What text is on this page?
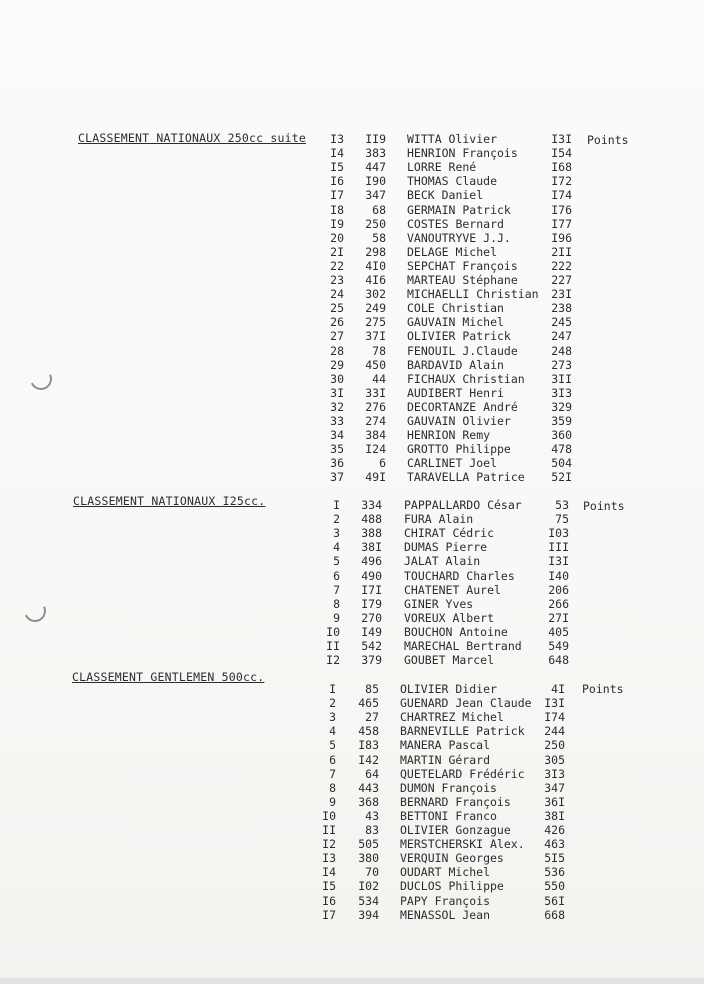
CLASSEMENT NATIONAUX 250cc suite	Points
CLASSEMENT NATIONAUX I25cc.	Points
CLASSEMENT GENTLEMEN 500cc.
Points
I3	II9 WITTA Olivier	I3I
I4	383 HENRION François	I54
I5	447 LORRE René	I68
I6	I90 THOMAS Claude	I72
I7	347 BECK Daniel	I74
I8	68 GERMAIN Patrick	I76
I9	250 COSTES Bernard	I77
20	58 VANOUTRYVE J.J.	I96
2I	298 DELAGE Michel	2II
22	4I0 SEPCHAT François	222
23	4I6 MARTEAU Stéphane	227
24	302 MICHAELLI Christian	23I
25	249 COLE Christian	238
26	275 GAUVAIN Michel	245
27	37I OLIVIER Patrick	247
28	78 FENOUIL J.Claude	248
29	450 BARDAVID Alain	273
30	44 FICHAUX Christian	3II
3I	33I AUDIBERT Henri	3I3
32	276 DECORTANZE André	329
33	274 GAUVAIN Olivier	359
34	384 HENRION Remy	360
35	I24 GROTTO Philippe	478
36	6 CARLINET Joel	504
37	49I TARAVELLA Patrice	52I
I	334 PAPPALLARDO César	53
2	488 FURA Alain	75
3	388 CHIRAT Cédric	I03
4	38I DUMAS Pierre	III
5	496 JALAT Alain	I3I
6	490 TOUCHARD Charles	I40
7	I7I CHATENET Aurel	206
8	I79 GINER Yves	266
9	270 VOREUX Albert	27I
I0	I49 BOUCHON Antoine	405
II	542 MARECHAL Bertrand	549
I2	379 GOUBET Marcel	648
I	85 OLIVIER Didier	4I
2	465 GUENARD Jean Claude	I3I
3	27 CHARTREZ Michel	I74
4	458 BARNEVILLE Patrick	244
5	I83 MANERA Pascal	250
6	I42 MARTIN Gérard	305
7	64 QUETELARD Frédéric	3I3
8	443 DUMON François	347
9	368 BERNARD François	36I
I0	43 BETTONI Franco	38I
II	83 OLIVIER Gonzague	426
I2	505 MERSTCHERSKI Alex.	463
I3	380 VERQUIN Georges	5I5
I4	70 OUDART Michel	536
I5	I02 DUCLOS Philippe	550
I6	534 PAPY François	56I
I7	394 MENASSOL Jean	668
